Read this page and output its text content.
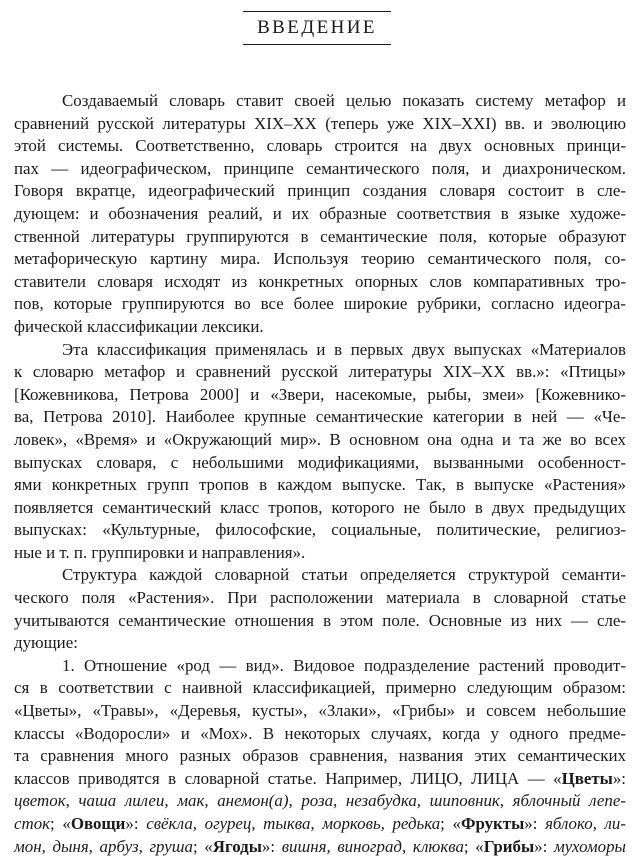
ВВЕДЕНИЕ
Создаваемый словарь ставит своей целью показать систему метафор и
сравнений русской литературы XIX–XX (теперь уже XIX–XXI) вв. и эволюцию
этой системы. Соответственно, словарь строится на двух основных принци-
пах — идеографическом, принципе семантического поля, и диахроническом.
Говоря вкратце, идеографический принцип создания словаря состоит в сле-
дующем: и обозначения реалий, и их образные соответствия в языке художе-
ственной литературы группируются в семантические поля, которые образуют
метафорическую картину мира. Используя теорию семантического поля, со-
ставители словаря исходят из конкретных опорных слов компаративных тро-
пов, которые группируются во все более широкие рубрики, согласно идеогра-
фической классификации лексики.
Эта классификация применялась и в первых двух выпусках «Материалов
к словарю метафор и сравнений русской литературы XIX–XX вв.»: «Птицы»
[Кожевникова, Петрова 2000] и «Звери, насекомые, рыбы, змеи» [Кожевнико-
ва, Петрова 2010]. Наиболее крупные семантические категории в ней — «Че-
ловек», «Время» и «Окружающий мир». В основном она одна и та же во всех
выпусках словаря, с небольшими модификациями, вызванными особенност-
ями конкретных групп тропов в каждом выпуске. Так, в выпуске «Растения»
появляется семантический класс тропов, которого не было в двух предыдущих
выпусках: «Культурные, философские, социальные, политические, религиоз-
ные и т. п. группировки и направления».
Структура каждой словарной статьи определяется структурой семанти-
ческого поля «Растения». При расположении материала в словарной статье
учитываются семантические отношения в этом поле. Основные из них — сле-
дующие:
1. Отношение «род — вид». Видовое подразделение растений проводит-
ся в соответствии с наивной классификацией, примерно следующим образом:
«Цветы», «Травы», «Деревья, кусты», «Злаки», «Грибы» и совсем небольшие
классы «Водоросли» и «Мох». В некоторых случаях, когда у одного предме-
та сравнения много разных образов сравнения, названия этих семантических
классов приводятся в словарной статье. Например, ЛИЦО, ЛИЦА — «Цветы»:
цветок, чаша лилеи, мак, анемон(а), роза, незабудка, шиповник, яблочный лепе-
сток; «Овощи»: свёкла, огурец, тыква, морковь, редька; «Фрукты»: яблоко, ли-
мон, дыня, арбуз, груша; «Ягоды»: вишня, виноград, клюква; «Грибы»: мухоморы
